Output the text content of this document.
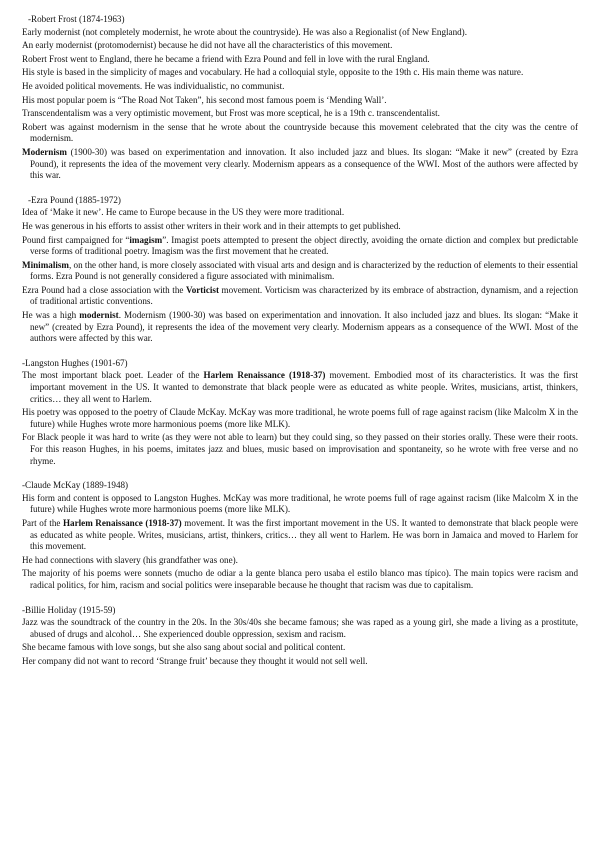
-Robert Frost (1874-1963)
Early modernist (not completely modernist, he wrote about the countryside). He was also a Regionalist (of New England).
An early modernist (protomodernist) because he did not have all the characteristics of this movement.
Robert Frost went to England, there he became a friend with Ezra Pound and fell in love with the rural England.
His style is based in the simplicity of mages and vocabulary. He had a colloquial style, opposite to the 19th c. His main theme was nature.
He avoided political movements. He was individualistic, no communist.
His most popular poem is “The Road Not Taken”, his second most famous poem is ‘Mending Wall’.
Transcendentalism was a very optimistic movement, but Frost was more sceptical, he is a 19th c. transcendentalist.
Robert was against modernism in the sense that he wrote about the countryside because this movement celebrated that the city was the centre of modernism.
Modernism (1900-30) was based on experimentation and innovation. It also included jazz and blues. Its slogan: “Make it new” (created by Ezra Pound), it represents the idea of the movement very clearly. Modernism appears as a consequence of the WWI. Most of the authors were affected by this war.
-Ezra Pound (1885-1972)
Idea of ‘Make it new’. He came to Europe because in the US they were more traditional.
He was generous in his efforts to assist other writers in their work and in their attempts to get published.
Pound first campaigned for “imagism”. Imagist poets attempted to present the object directly, avoiding the ornate diction and complex but predictable verse forms of traditional poetry. Imagism was the first movement that he created.
Minimalism, on the other hand, is more closely associated with visual arts and design and is characterized by the reduction of elements to their essential forms. Ezra Pound is not generally considered a figure associated with minimalism.
Ezra Pound had a close association with the Vorticist movement. Vorticism was characterized by its embrace of abstraction, dynamism, and a rejection of traditional artistic conventions.
He was a high modernist. Modernism (1900-30) was based on experimentation and innovation. It also included jazz and blues. Its slogan: “Make it new” (created by Ezra Pound), it represents the idea of the movement very clearly. Modernism appears as a consequence of the WWI. Most of the authors were affected by this war.
-Langston Hughes (1901-67)
The most important black poet. Leader of the Harlem Renaissance (1918-37) movement. Embodied most of its characteristics. It was the first important movement in the US. It wanted to demonstrate that black people were as educated as white people. Writes, musicians, artist, thinkers, critics… they all went to Harlem.
His poetry was opposed to the poetry of Claude McKay. McKay was more traditional, he wrote poems full of rage against racism (like Malcolm X in the future) while Hughes wrote more harmonious poems (more like MLK).
For Black people it was hard to write (as they were not able to learn) but they could sing, so they passed on their stories orally. These were their roots. For this reason Hughes, in his poems, imitates jazz and blues, music based on improvisation and spontaneity, so he wrote with free verse and no rhyme.
-Claude McKay (1889-1948)
His form and content is opposed to Langston Hughes. McKay was more traditional, he wrote poems full of rage against racism (like Malcolm X in the future) while Hughes wrote more harmonious poems (more like MLK).
Part of the Harlem Renaissance (1918-37) movement. It was the first important movement in the US. It wanted to demonstrate that black people were as educated as white people. Writes, musicians, artist, thinkers, critics… they all went to Harlem. He was born in Jamaica and moved to Harlem for this movement.
He had connections with slavery (his grandfather was one).
The majority of his poems were sonnets (mucho de odiar a la gente blanca pero usaba el estilo blanco mas típico). The main topics were racism and radical politics, for him, racism and social politics were inseparable because he thought that racism was due to capitalism.
-Billie Holiday (1915-59)
Jazz was the soundtrack of the country in the 20s. In the 30s/40s she became famous; she was raped as a young girl, she made a living as a prostitute, abused of drugs and alcohol… She experienced double oppression, sexism and racism.
She became famous with love songs, but she also sang about social and political content.
Her company did not want to record ‘Strange fruit’ because they thought it would not sell well.
